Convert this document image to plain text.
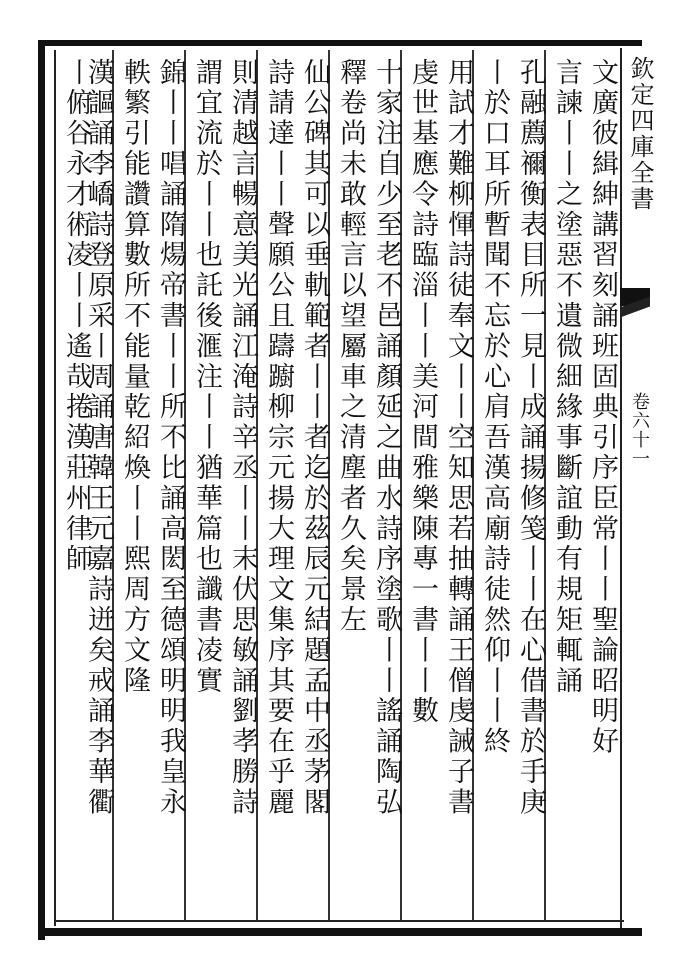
欽定四庫全書
卷六十一
文廣彼緝紳講習刻誦班固典引序臣常丨丨聖論昭明好
言諫丨丨之塗惡不遺微細緣事斷誼動有規矩輒誦
孔融薦禰衡表目所一見丨成誦揚修笺丨丨在心借書於手庚
丨於口耳所暫聞不忘於心肩吾漢高廟詩徒然仰丨丨終
用試才難柳惲詩徒奉文丨丨空知思若抽轉誦王僧虔誡子書
虔世基應令詩臨淄丨丨美河間雅樂陳專一書丨丨數
十家注自少至老不邑誦顏延之曲水詩序塗歌丨丨謠誦陶弘
釋卷尚未敢輕言以望屬車之清塵者久矣景左
仙公碑其可以垂軌範者丨丨者迄於茲辰元結題孟中丞茅閣
詩請達丨丨聲願公且躊躕柳宗元揚大理文集序其要在乎麗
則清越言暢意美光誦江淹詩辛丞丨丨末伏思敏誦劉孝勝詩
謂宜流於丨丨也託後滙注丨丨猶華篇也讖書凌實
錦丨丨唱誦隋煬帝書丨丨所不比誦高閎至德頌明明我皇永
軼繁引能讚算數所不能量乾紹煥丨丨熙周方文隆
漢謳誦李嶠詩登原采丨周誦唐韓王元嘉詩迸矣戒誦李華衢
丨俯谷永才術凌丨丨遙哉捲漢莊州律師
